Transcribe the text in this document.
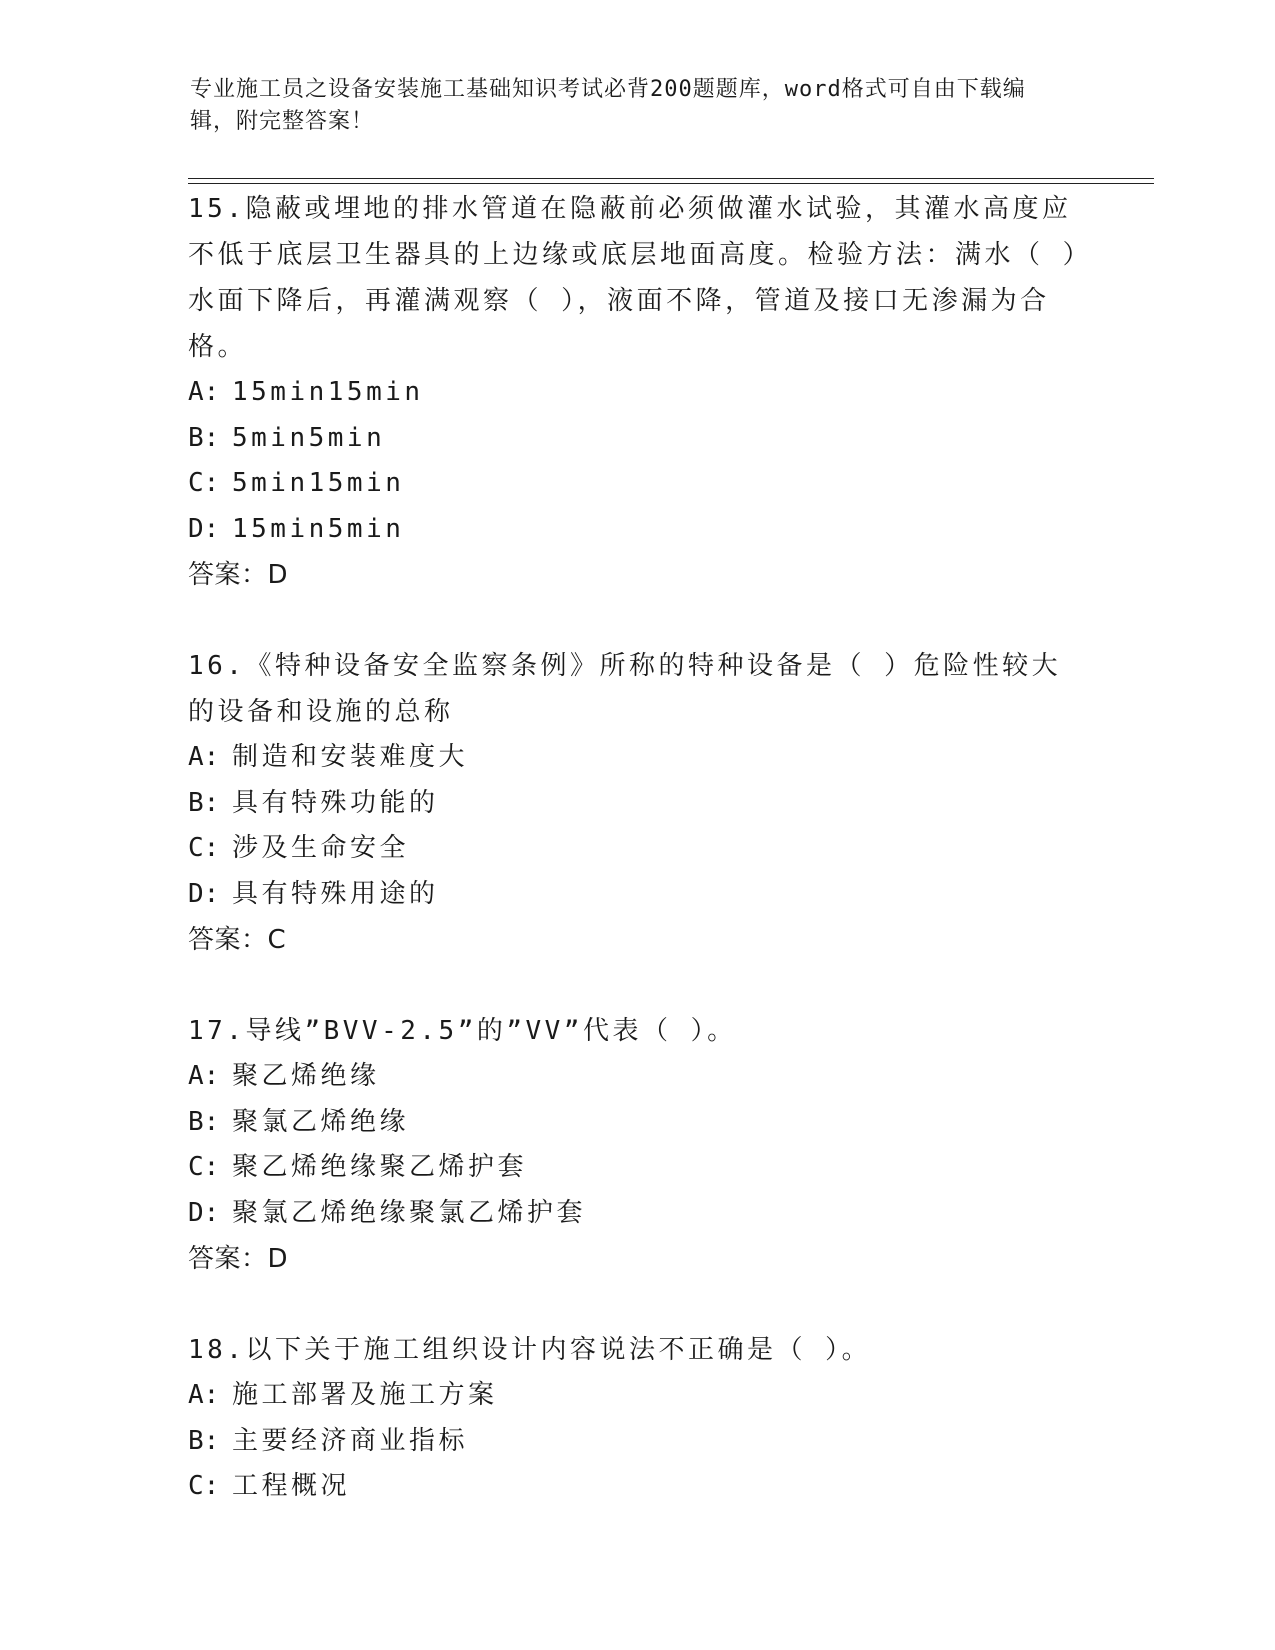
专业施工员之设备安装施工基础知识考试必背200题题库，word格式可自由下载编辑，附完整答案！
15.隐蔽或埋地的排水管道在隐蔽前必须做灌水试验，其灌水高度应不低于底层卫生器具的上边缘或底层地面高度。检验方法：满水（ ）水面下降后，再灌满观察（ ），液面不降，管道及接口无渗漏为合格。
A: 15min15min
B: 5min5min
C: 5min15min
D: 15min5min
答案：D
16.《特种设备安全监察条例》所称的特种设备是（ ）危险性较大的设备和设施的总称
A: 制造和安装难度大
B: 具有特殊功能的
C: 涉及生命安全
D: 具有特殊用途的
答案：C
17.导线”BVV-2.5”的”VV”代表（ ）。
A: 聚乙烯绝缘
B: 聚氯乙烯绝缘
C: 聚乙烯绝缘聚乙烯护套
D: 聚氯乙烯绝缘聚氯乙烯护套
答案：D
18.以下关于施工组织设计内容说法不正确是（ ）。
A: 施工部署及施工方案
B: 主要经济商业指标
C: 工程概况
